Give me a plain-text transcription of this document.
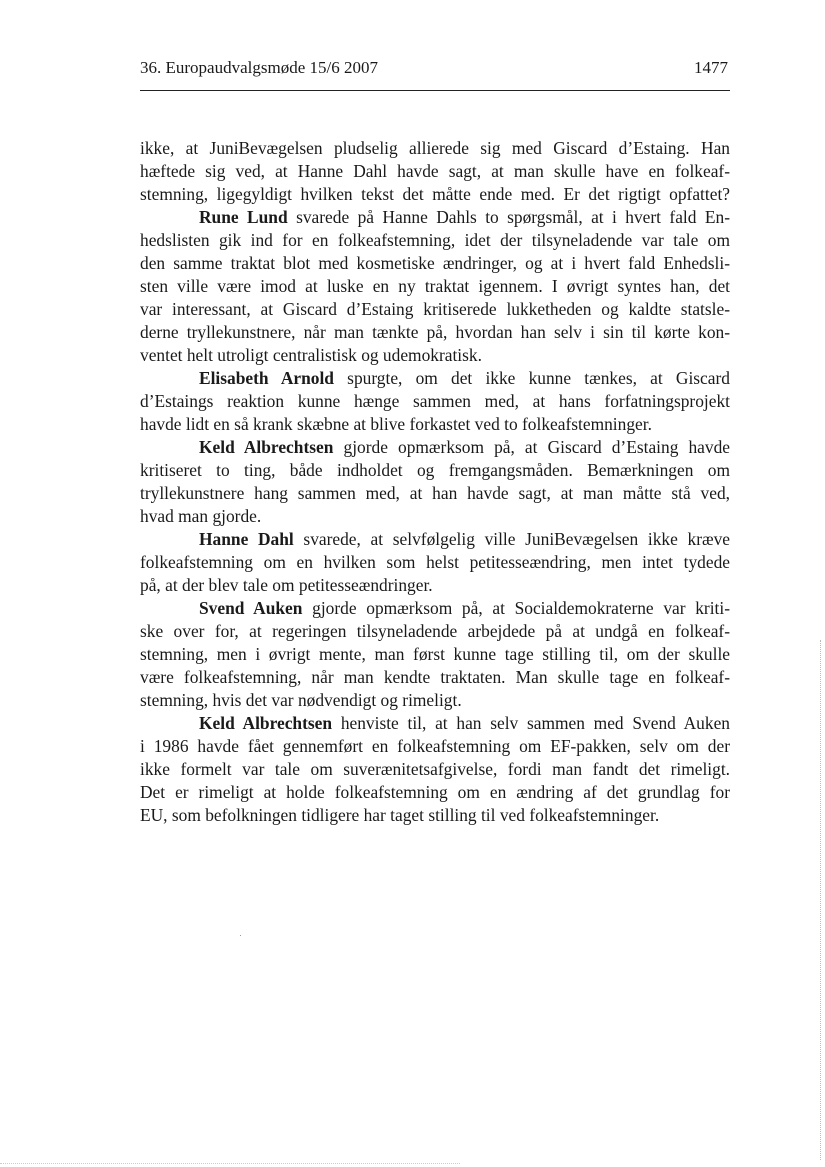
36. Europaudvalgsmøde 15/6 2007	1477
ikke, at JuniBevægelsen pludselig allierede sig med Giscard d’Estaing. Han
hæftede sig ved, at Hanne Dahl havde sagt, at man skulle have en folkeaf-
stemning, ligegyldigt hvilken tekst det måtte ende med. Er det rigtigt opfattet?
Rune Lund svarede på Hanne Dahls to spørgsmål, at i hvert fald En-
hedslisten gik ind for en folkeafstemning, idet der tilsyneladende var tale om
den samme traktat blot med kosmetiske ændringer, og at i hvert fald Enhedsli-
sten ville være imod at luske en ny traktat igennem. I øvrigt syntes han, det
var interessant, at Giscard d’Estaing kritiserede lukketheden og kaldte statsle-
derne tryllekunstnere, når man tænkte på, hvordan han selv i sin til kørte kon-
ventet helt utroligt centralistisk og udemokratisk.
Elisabeth Arnold spurgte, om det ikke kunne tænkes, at Giscard
d’Estaings reaktion kunne hænge sammen med, at hans forfatningsprojekt
havde lidt en så krank skæbne at blive forkastet ved to folkeafstemninger.
Keld Albrechtsen gjorde opmærksom på, at Giscard d’Estaing havde
kritiseret to ting, både indholdet og fremgangsmåden. Bemærkningen om
tryllekunstnere hang sammen med, at han havde sagt, at man måtte stå ved,
hvad man gjorde.
Hanne Dahl svarede, at selvfølgelig ville JuniBevægelsen ikke kræve
folkeafstemning om en hvilken som helst petitesseændring, men intet tydede
på, at der blev tale om petitesseændringer.
Svend Auken gjorde opmærksom på, at Socialdemokraterne var kriti-
ske over for, at regeringen tilsyneladende arbejdede på at undgå en folkeaf-
stemning, men i øvrigt mente, man først kunne tage stilling til, om der skulle
være folkeafstemning, når man kendte traktaten. Man skulle tage en folkeaf-
stemning, hvis det var nødvendigt og rimeligt.
Keld Albrechtsen henviste til, at han selv sammen med Svend Auken
i 1986 havde fået gennemført en folkeafstemning om EF-pakken, selv om der
ikke formelt var tale om suverænitetsafgivelse, fordi man fandt det rimeligt.
Det er rimeligt at holde folkeafstemning om en ændring af det grundlag for
EU, som befolkningen tidligere har taget stilling til ved folkeafstemninger.
